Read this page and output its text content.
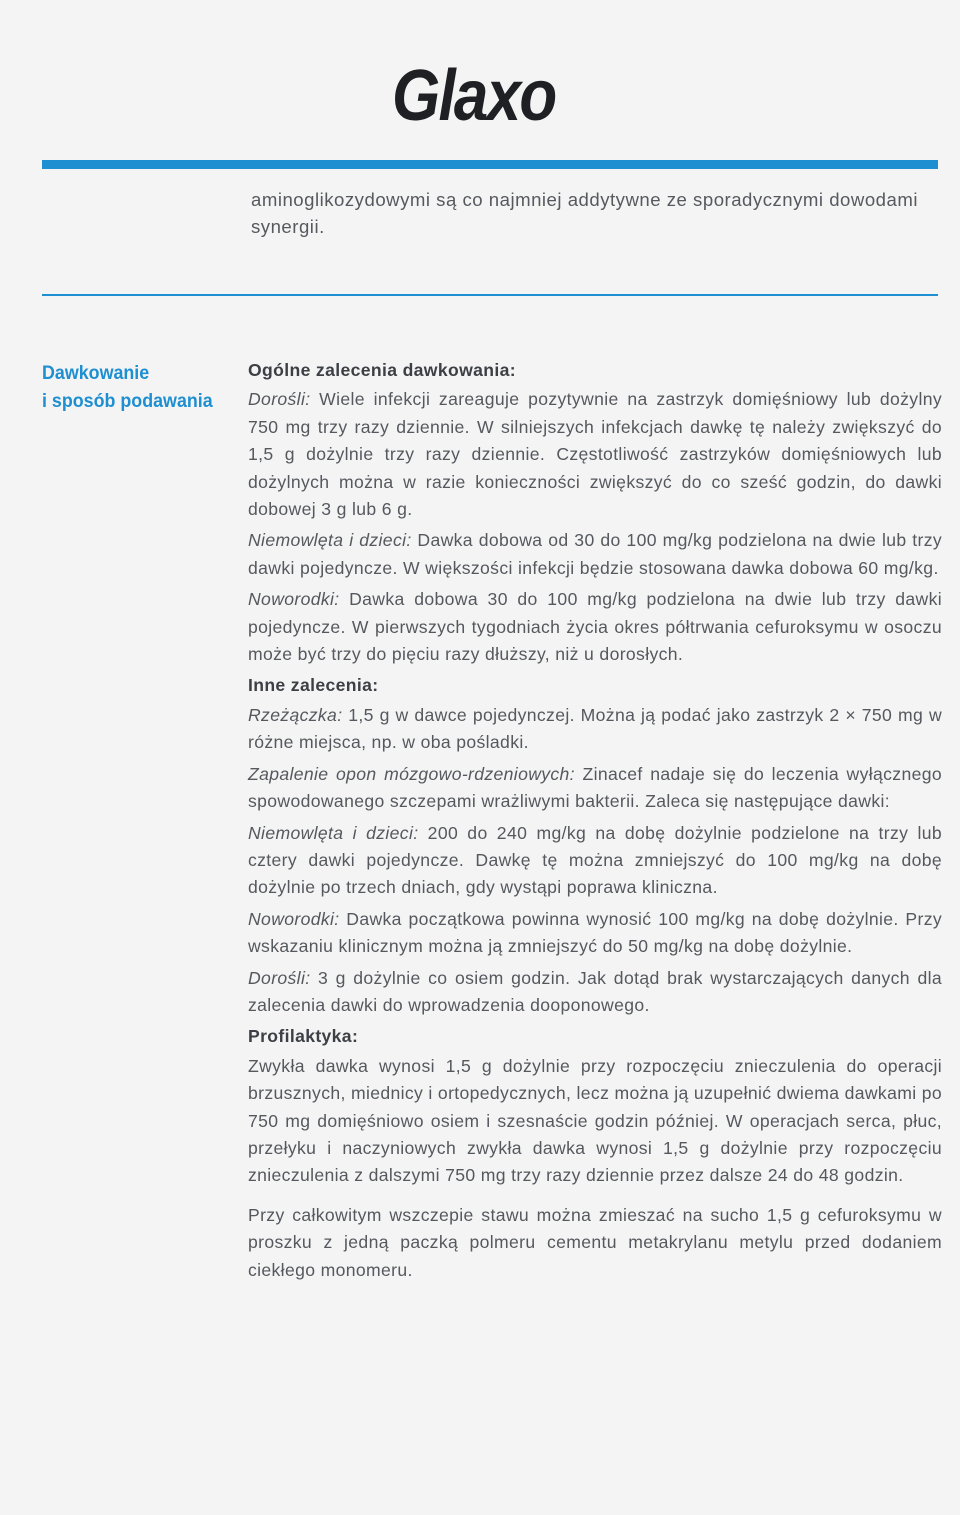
Glaxo
aminoglikozydowymi są co najmniej addytywne ze sporadycznymi dowodami synergii.
Dawkowanie
i sposób podawania

Ogólne zalecenia dawkowania:

Dorośli: Wiele infekcji zareaguje pozytywnie na zastrzyk domięśniowy lub dożylny 750 mg trzy razy dziennie. W silniejszych infekcjach dawkę tę należy zwiększyć do 1,5 g dożylnie trzy razy dziennie. Częstotliwość zastrzyków domięśniowych lub dożylnych można w razie konieczności zwiększyć do co sześć godzin, do dawki dobowej 3 g lub 6 g.

Niemowlęta i dzieci: Dawka dobowa od 30 do 100 mg/kg podzielona na dwie lub trzy dawki pojedyncze. W większości infekcji będzie stosowana dawka dobowa 60 mg/kg.

Noworodki: Dawka dobowa 30 do 100 mg/kg podzielona na dwie lub trzy dawki pojedyncze. W pierwszych tygodniach życia okres półtrwania cefuroksymu w osoczu może być trzy do pięciu razy dłuższy, niż u dorosłych.

Inne zalecenia:

Rzeżączka: 1,5 g w dawce pojedynczej. Można ją podać jako zastrzyk 2 × 750 mg w różne miejsca, np. w oba pośladki.

Zapalenie opon mózgowo-rdzeniowych: Zinacef nadaje się do leczenia wyłącznego spowodowanego szczepami wrażliwymi bakterii. Zaleca się następujące dawki:

Niemowlęta i dzieci: 200 do 240 mg/kg na dobę dożylnie podzielone na trzy lub cztery dawki pojedyncze. Dawkę tę można zmniejszyć do 100 mg/kg na dobę dożylnie po trzech dniach, gdy wystąpi poprawa kliniczna.

Noworodki: Dawka początkowa powinna wynosić 100 mg/kg na dobę dożylnie. Przy wskazaniu klinicznym można ją zmniejszyć do 50 mg/kg na dobę dożylnie.

Dorośli: 3 g dożylnie co osiem godzin. Jak dotąd brak wystarczających danych dla zalecenia dawki do wprowadzenia dooponowego.

Profilaktyka:

Zwykła dawka wynosi 1,5 g dożylnie przy rozpoczęciu znieczulenia do operacji brzusznych, miednicy i ortopedycznych, lecz można ją uzupełnić dwiema dawkami po 750 mg domięśniowo osiem i szesnaście godzin później. W operacjach serca, płuc, przełyku i naczyniowych zwykła dawka wynosi 1,5 g dożylnie przy rozpoczęciu znieczulenia z dalszymi 750 mg trzy razy dziennie przez dalsze 24 do 48 godzin.

Przy całkowitym wszczepie stawu można zmieszać na sucho 1,5 g cefuroksymu w proszku z jedną paczką polmeru cementu metakrylanu metylu przed dodaniem ciekłego monomeru.
